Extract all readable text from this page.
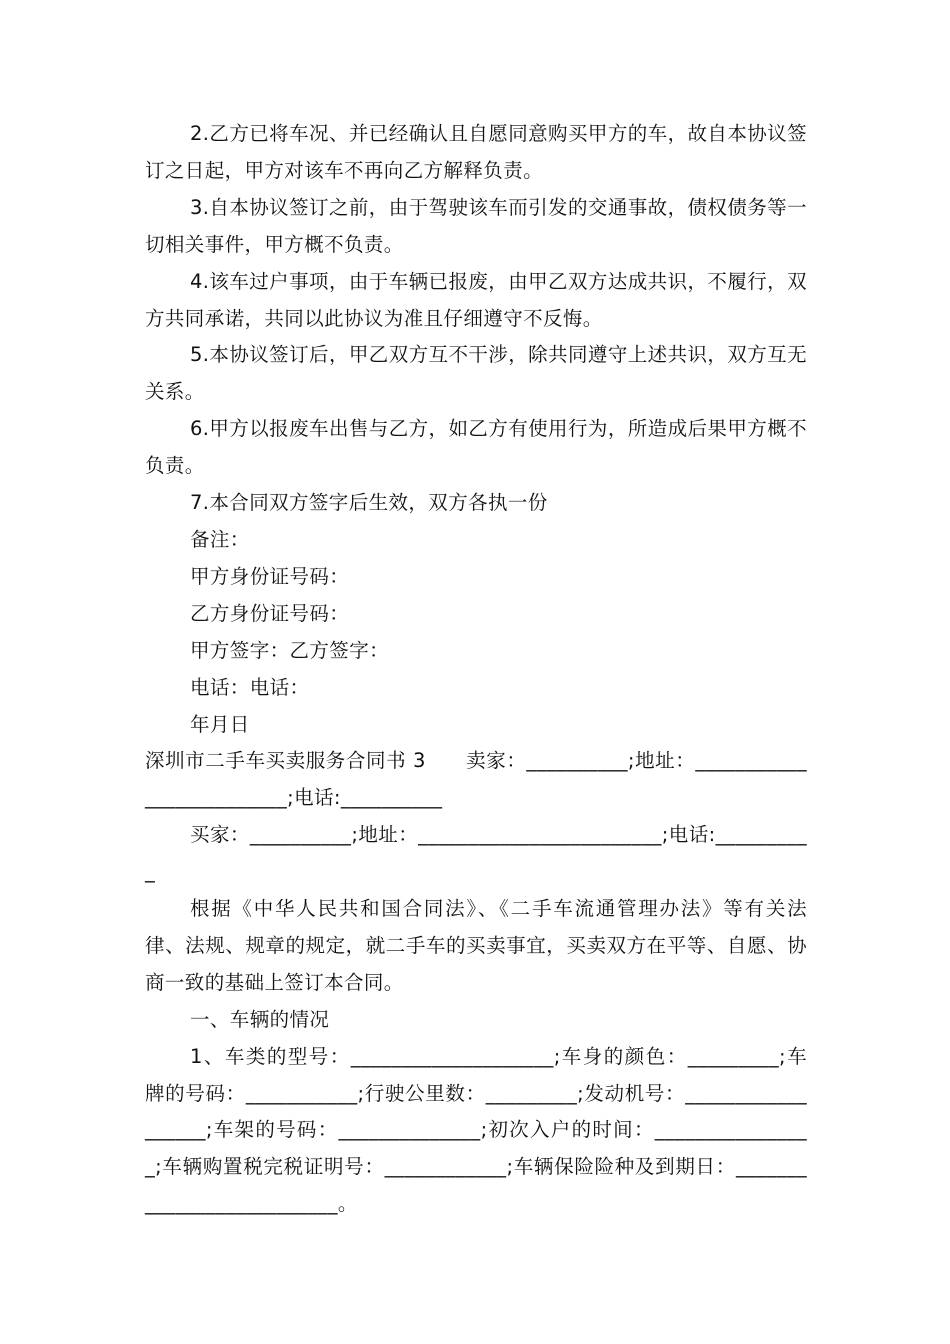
2.乙方已将车况、并已经确认且自愿同意购买甲方的车，故自本协议签订之日起，甲方对该车不再向乙方解释负责。

3.自本协议签订之前，由于驾驶该车而引发的交通事故，债权债务等一切相关事件，甲方概不负责。

4.该车过户事项，由于车辆已报废，由甲乙双方达成共识，不履行，双方共同承诺，共同以此协议为准且仔细遵守不反悔。

5.本协议签订后，甲乙双方互不干涉，除共同遵守上述共识，双方互无关系。

6.甲方以报废车出售与乙方，如乙方有使用行为，所造成后果甲方概不负责。

7.本合同双方签字后生效，双方各执一份

备注：

甲方身份证号码：

乙方身份证号码：

甲方签字：乙方签字：

电话：电话：

年月日

深圳市二手车买卖服务合同书 3　　卖家：__________;地址：_________________________;电话:__________

买家：__________;地址：________________________;电话:__________

根据《中华人民共和国合同法》、《二手车流通管理办法》等有关法律、法规、规章的规定，就二手车的买卖事宜，买卖双方在平等、自愿、协商一致的基础上签订本合同。

一、车辆的情况

1、车类的型号：____________________;车身的颜色：_________;车牌的号码：___________;行驶公里数：_________;发动机号：__________________;车架的号码：______________;初次入户的时间：________________;车辆购置税完税证明号：____________;车辆保险险种及到期日：__________________________。
